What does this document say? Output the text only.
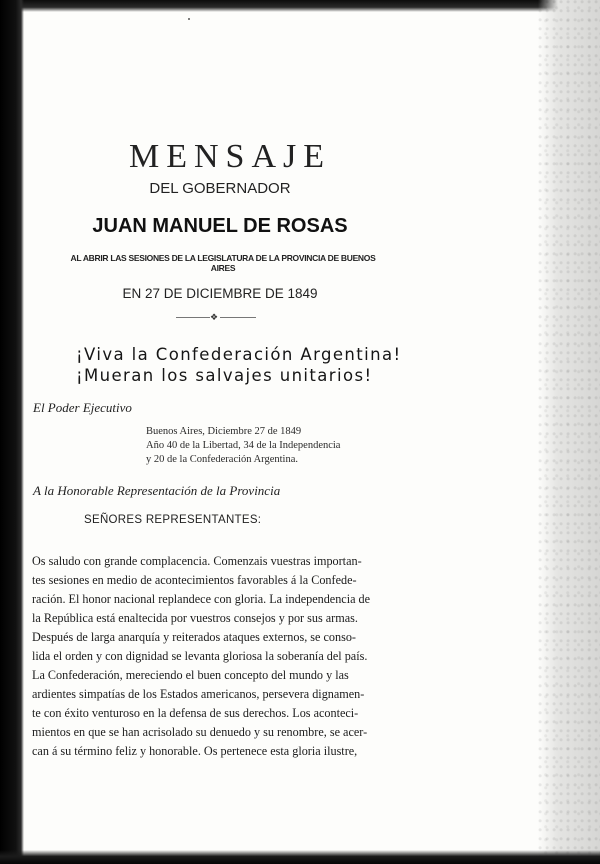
MENSAJE
DEL GOBERNADOR
JUAN MANUEL DE ROSAS
AL ABRIR LAS SESIONES DE LA LEGISLATURA DE LA PROVINCIA DE BUENOS AIRES
EN 27 DE DICIEMBRE DE 1849
❖
¡Viva la Confederación Argentina!
¡Mueran los salvajes unitarios!
El Poder Ejecutivo
Buenos Aires, Diciembre 27 de 1849
Año 40 de la Libertad, 34 de la Independencia
y 20 de la Confederación Argentina.
A la Honorable Representación de la Provincia
SEÑORES REPRESENTANTES:
Os saludo con grande complacencia. Comenzais vuestras importan-
tes sesiones en medio de acontecimientos favorables á la Confede-
ración. El honor nacional replandece con gloria. La independencia de
la República está enaltecida por vuestros consejos y por sus armas.
Después de larga anarquía y reiterados ataques externos, se conso-
lida el orden y con dignidad se levanta gloriosa la soberanía del país.
La Confederación, mereciendo el buen concepto del mundo y las
ardientes simpatías de los Estados americanos, persevera dignamen-
te con éxito venturoso en la defensa de sus derechos. Los aconteci-
mientos en que se han acrisolado su denuedo y su renombre, se acer-
can á su término feliz y honorable. Os pertenece esta gloria ilustre,
